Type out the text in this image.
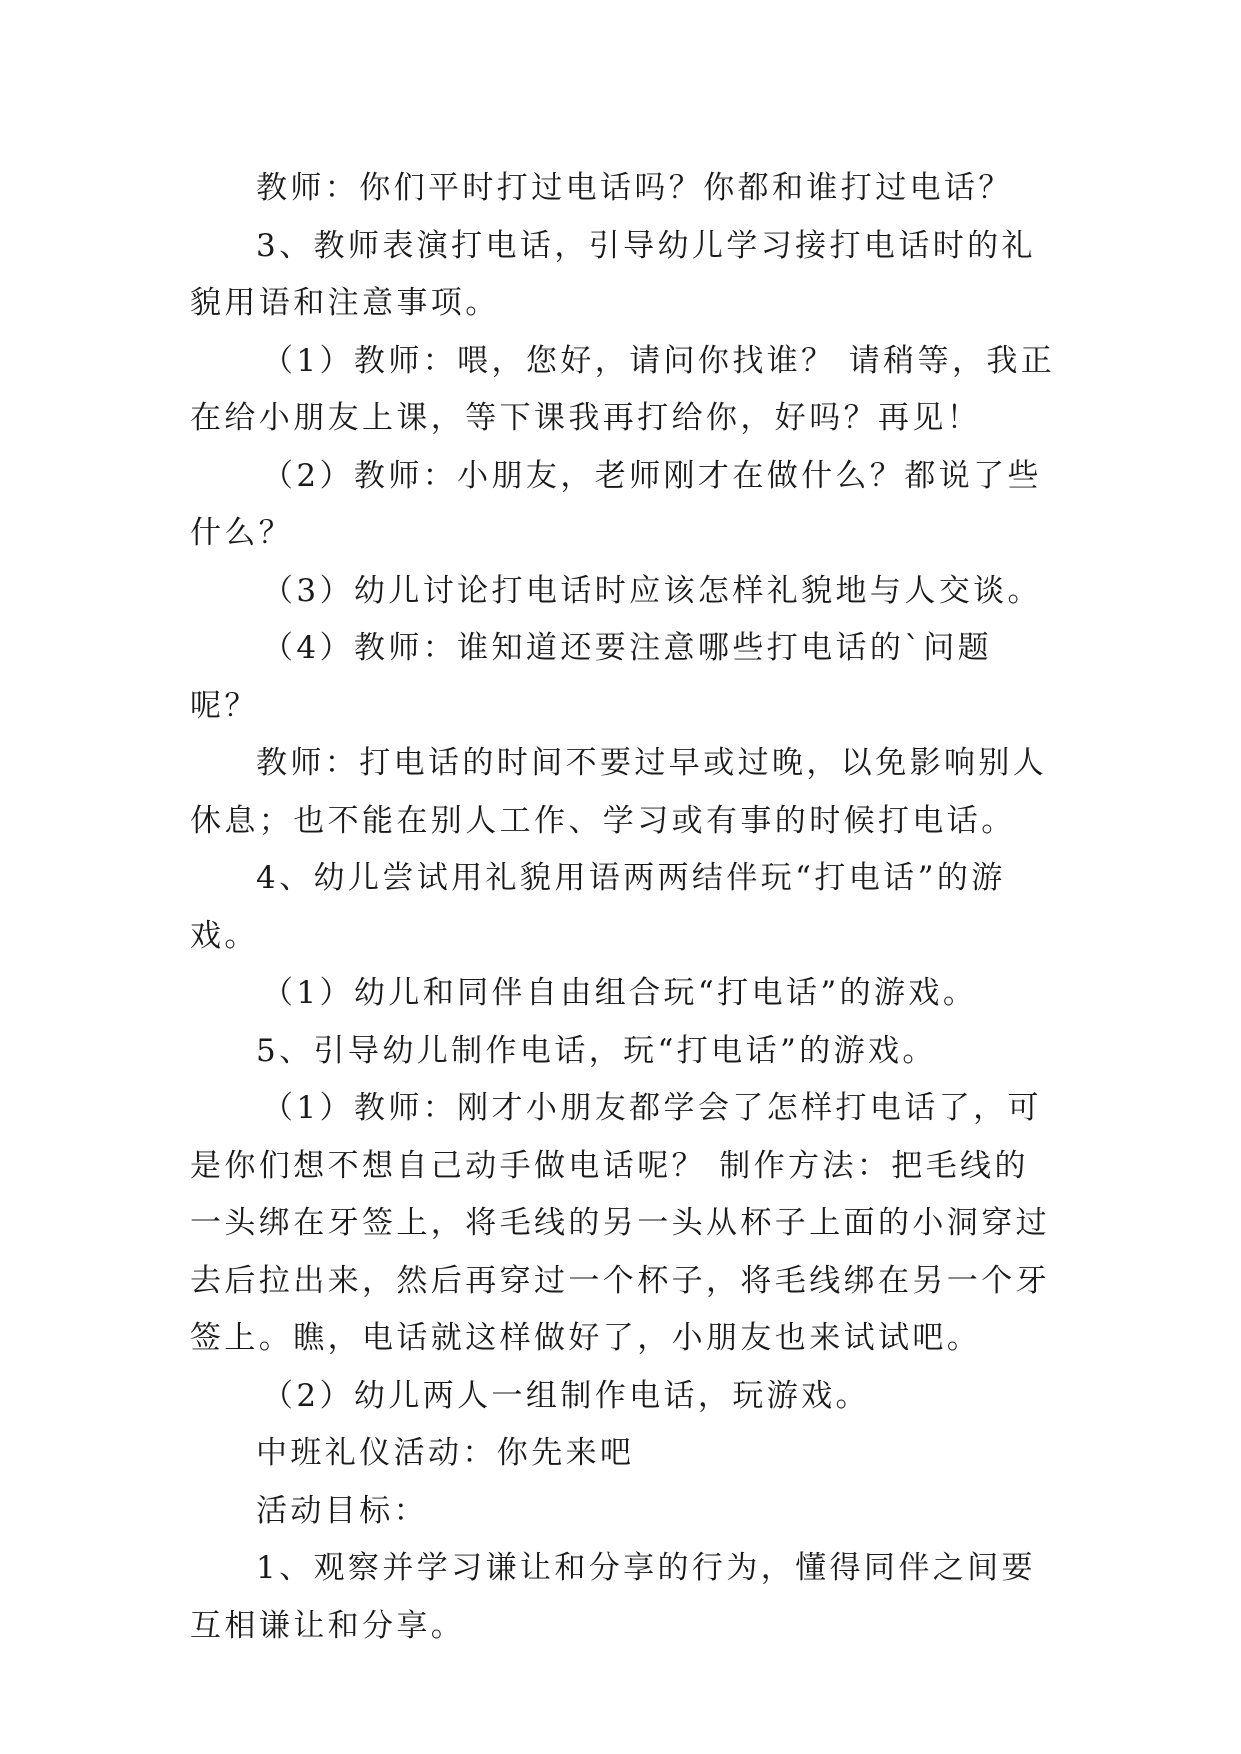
教师：你们平时打过电话吗？你都和谁打过电话？

3、教师表演打电话，引导幼儿学习接打电话时的礼貌用语和注意事项。

（1）教师：喂，您好，请问你找谁？ 请稍等，我正在给小朋友上课，等下课我再打给你，好吗？再见！

（2）教师：小朋友，老师刚才在做什么？都说了些什么？

（3）幼儿讨论打电话时应该怎样礼貌地与人交谈。

（4）教师：谁知道还要注意哪些打电话的`问题呢？

教师：打电话的时间不要过早或过晚，以免影响别人休息；也不能在别人工作、学习或有事的时候打电话。

4、幼儿尝试用礼貌用语两两结伴玩“打电话”的游戏。

（1）幼儿和同伴自由组合玩“打电话”的游戏。

5、引导幼儿制作电话，玩“打电话”的游戏。

（1）教师：刚才小朋友都学会了怎样打电话了，可是你们想不想自己动手做电话呢？ 制作方法：把毛线的一头绑在牙签上，将毛线的另一头从杯子上面的小洞穿过去后拉出来，然后再穿过一个杯子，将毛线绑在另一个牙签上。瞧，电话就这样做好了，小朋友也来试试吧。

（2）幼儿两人一组制作电话，玩游戏。

中班礼仪活动：你先来吧

活动目标：

1、观察并学习谦让和分享的行为，懂得同伴之间要互相谦让和分享。
